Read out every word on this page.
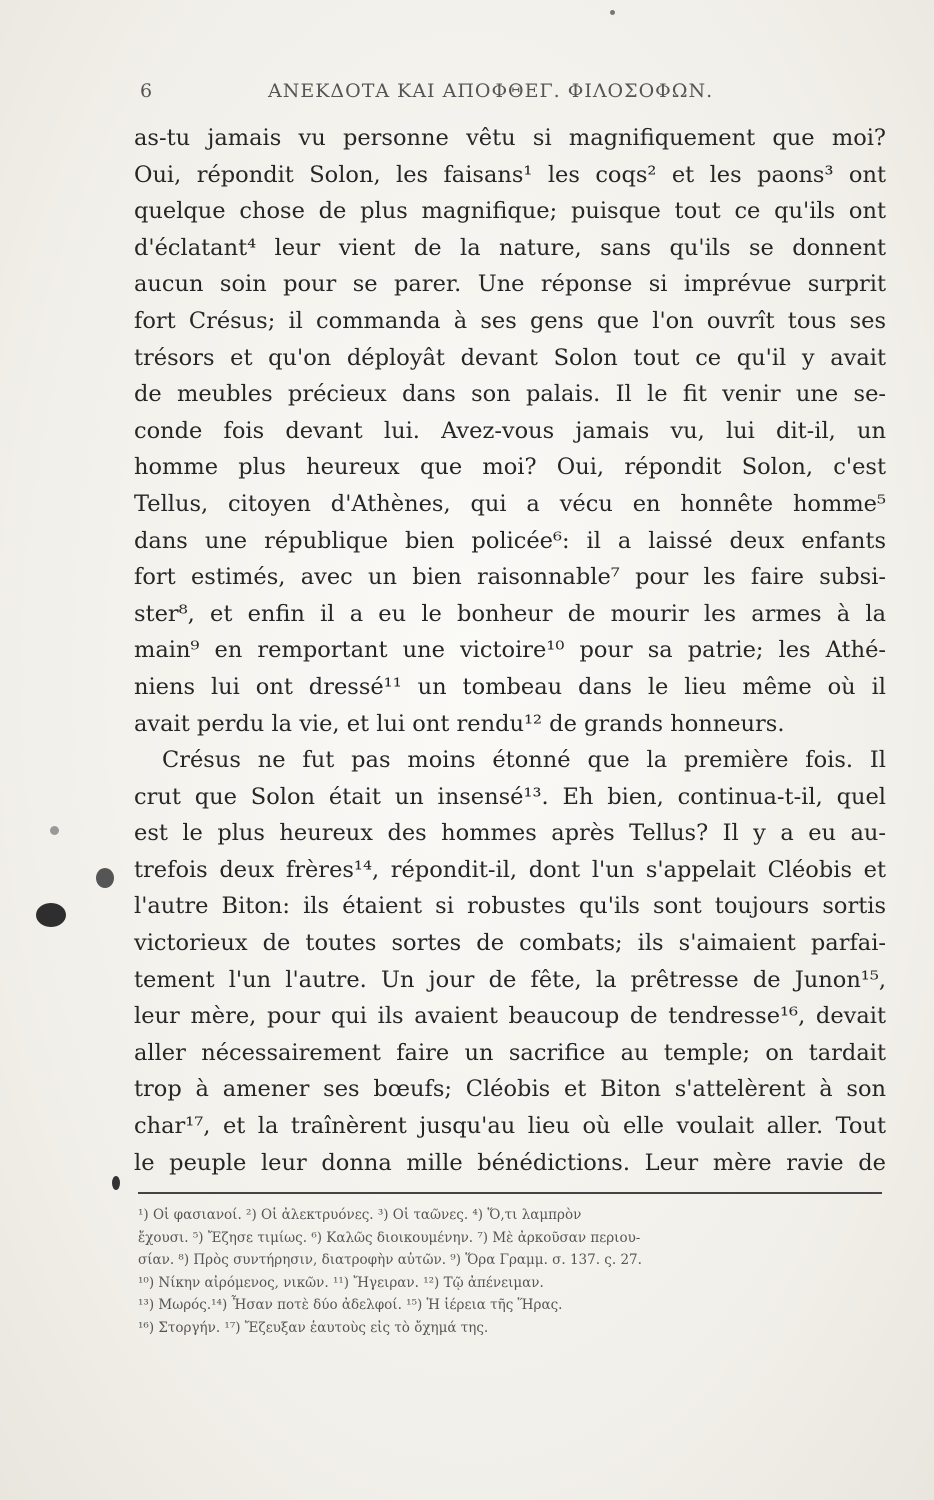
6	ΑΝΕΚΔΟΤΑ ΚΑΙ ΑΠΟΦΘΕΓ. ΦΙΛΟΣΟΦΩΝ.
as-tu jamais vu personne vêtu si magnifiquement que moi?
Oui, répondit Solon, les faisans¹ les coqs² et les paons³ ont
quelque chose de plus magnifique; puisque tout ce qu'ils ont
d'éclatant⁴ leur vient de la nature, sans qu'ils se donnent
aucun soin pour se parer. Une réponse si imprévue surprit
fort Crésus; il commanda à ses gens que l'on ouvrît tous ses
trésors et qu'on déployât devant Solon tout ce qu'il y avait
de meubles précieux dans son palais. Il le fit venir une se-
conde fois devant lui. Avez-vous jamais vu, lui dit-il, un
homme plus heureux que moi? Oui, répondit Solon, c'est
Tellus, citoyen d'Athènes, qui a vécu en honnête homme⁵
dans une république bien policée⁶: il a laissé deux enfants
fort estimés, avec un bien raisonnable⁷ pour les faire subsi-
ster⁸, et enfin il a eu le bonheur de mourir les armes à la
main⁹ en remportant une victoire¹⁰ pour sa patrie; les Athé-
niens lui ont dressé¹¹ un tombeau dans le lieu même où il
avait perdu la vie, et lui ont rendu¹² de grands honneurs.
Crésus ne fut pas moins étonné que la première fois. Il
crut que Solon était un insensé¹³. Eh bien, continua-t-il, quel
est le plus heureux des hommes après Tellus? Il y a eu au-
trefois deux frères¹⁴, répondit-il, dont l'un s'appelait Cléobis et
l'autre Biton: ils étaient si robustes qu'ils sont toujours sortis
victorieux de toutes sortes de combats; ils s'aimaient parfai-
tement l'un l'autre. Un jour de fête, la prêtresse de Junon¹⁵,
leur mère, pour qui ils avaient beaucoup de tendresse¹⁶, devait
aller nécessairement faire un sacrifice au temple; on tardait
trop à amener ses bœufs; Cléobis et Biton s'attelèrent à son
char¹⁷, et la traînèrent jusqu'au lieu où elle voulait aller. Tout
le peuple leur donna mille bénédictions. Leur mère ravie de
¹) Οἱ φασιανοί. ²) Οἱ ἀλεκτρυόνες. ³) Οἱ ταῶνες. ⁴) Ὅ,τι λαμπρὸν
ἔχουσι. ⁵) Ἔζησε τιμίως. ⁶) Καλῶς διοικουμένην. ⁷) Μὲ ἀρκοῦσαν περιου-
σίαν. ⁸) Πρὸς συντήρησιν, διατροφὴν αὐτῶν. ⁹) Ὅρα Γραμμ. σ. 137. ς. 27.
¹⁰) Νίκην αἰρόμενος, νικῶν. ¹¹) Ἤγειραν. ¹²) Τῷ ἀπένειμαν.
¹³) Μωρός.¹⁴) Ἦσαν ποτὲ δύο ἀδελφοί. ¹⁵) Ἡ ἱέρεια τῆς Ἥρας.
¹⁶) Στοργήν. ¹⁷) Ἔζευξαν ἑαυτοὺς εἰς τὸ ὄχημά της.
